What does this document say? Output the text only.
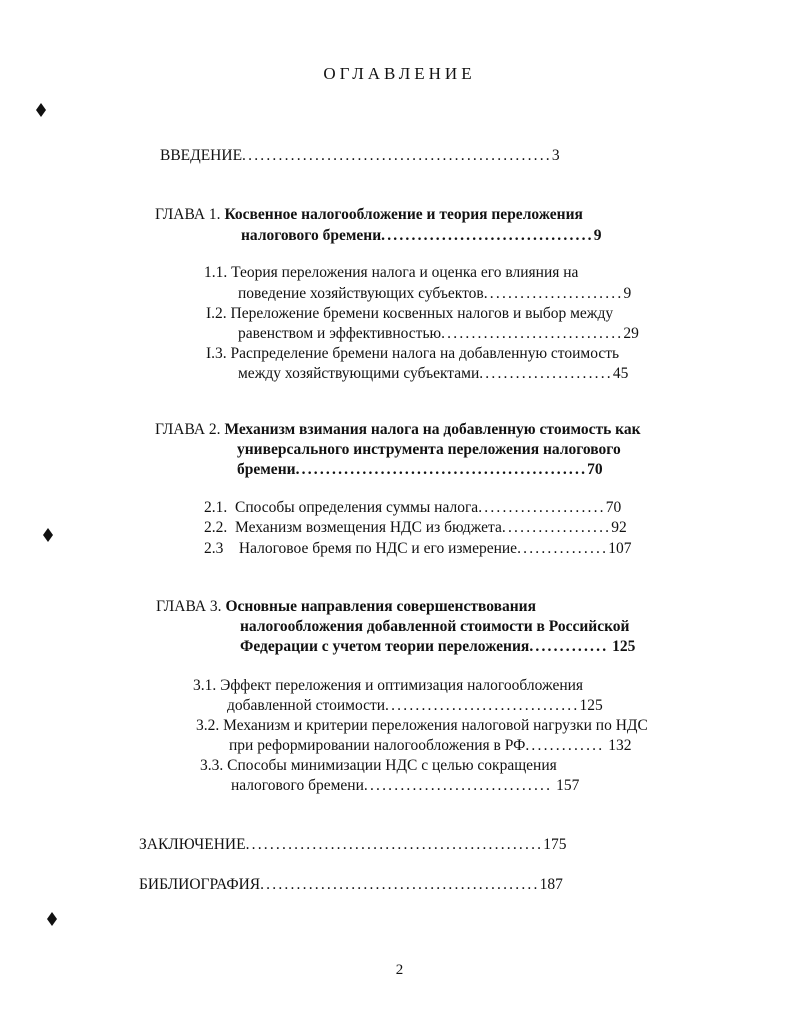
ОГЛАВЛЕНИЕ
ВВЕДЕНИЕ...................................................3
ГЛАВА 1. Косвенное налогообложение и теория переложения
налогового бремени...................................9
1.1. Теория переложения налога и оценка его влияния на
поведение хозяйствующих субъектов.......................9
I.2. Переложение бремени косвенных налогов и выбор между
равенством и эффективностью..............................29
I.3. Распределение бремени налога на добавленную стоимость
между хозяйствующими субъектами......................45
ГЛАВА 2. Механизм взимания налога на добавленную стоимость как
универсального инструмента переложения налогового
бремени................................................70
2.1. Способы определения суммы налога.....................70
2.2. Механизм возмещения НДС из бюджета..................92
2.3 Налоговое бремя по НДС и его измерение...............107
ГЛАВА 3. Основные направления совершенствования
налогообложения добавленной стоимости в Российской
Федерации с учетом теории переложения............. 125
3.1. Эффект переложения и оптимизация налогообложения
добавленной стоимости................................125
3.2. Механизм и критерии переложения налоговой нагрузки по НДС
при реформировании налогообложения в РФ............. 132
3.3. Способы минимизации НДС с целью сокращения
налогового бремени............................... 157
ЗАКЛЮЧЕНИЕ.................................................175
БИБЛИОГРАФИЯ..............................................187
2
